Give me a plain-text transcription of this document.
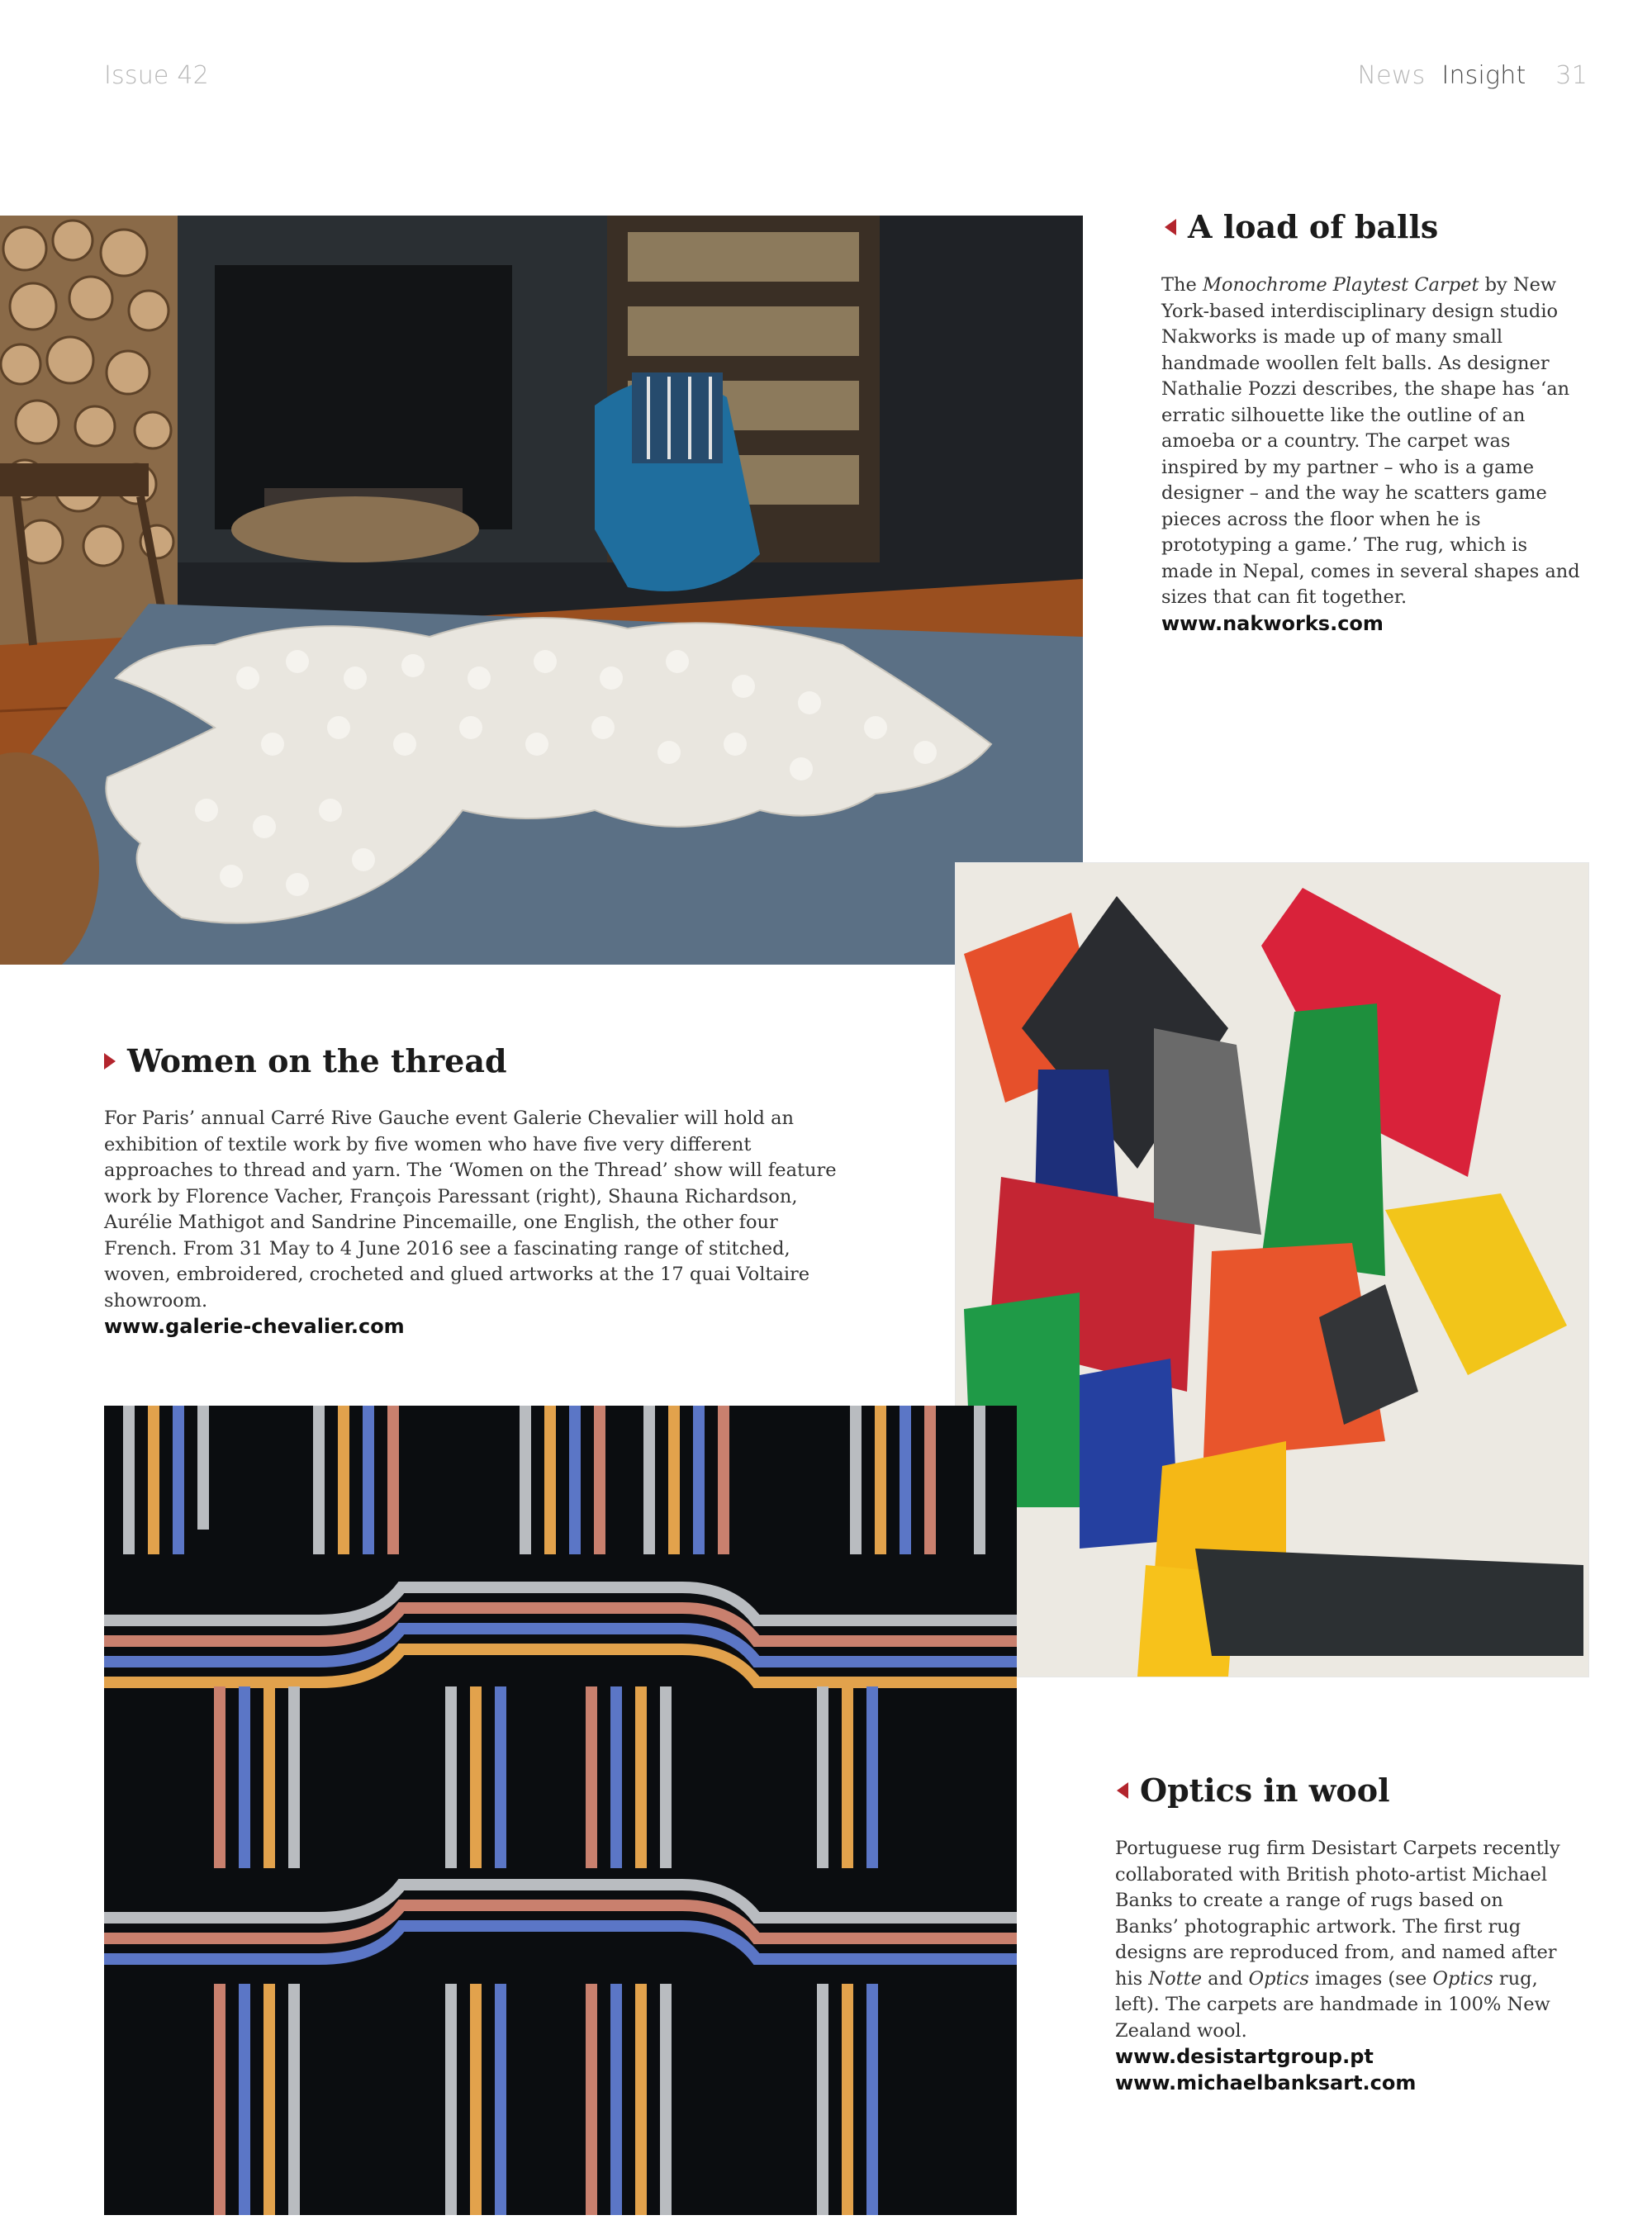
Issue 42	News Insight 31
A load of balls

The Monochrome Playtest Carpet by New York-based interdisciplinary design studio Nakworks is made up of many small handmade woollen felt balls. As designer Nathalie Pozzi describes, the shape has ‘an erratic silhouette like the outline of an amoeba or a country. The carpet was inspired by my partner – who is a game designer – and the way he scatters game pieces across the floor when he is prototyping a game.’ The rug, which is made in Nepal, comes in several shapes and sizes that can fit together.

www.nakworks.com
Women on the thread

For Paris’ annual Carré Rive Gauche event Galerie Chevalier will hold an exhibition of textile work by five women who have five very different approaches to thread and yarn. The ‘Women on the Thread’ show will feature work by Florence Vacher, François Paressant (right), Shauna Richardson, Aurélie Mathigot and Sandrine Pincemaille, one English, the other four French. From 31 May to 4 June 2016 see a fascinating range of stitched, woven, embroidered, crocheted and glued artworks at the 17 quai Voltaire showroom.

www.galerie-chevalier.com
Optics in wool

Portuguese rug firm Desistart Carpets recently collaborated with British photo-artist Michael Banks to create a range of rugs based on Banks’ photographic artwork. The first rug designs are reproduced from, and named after his Notte and Optics images (see Optics rug, left). The carpets are handmade in 100% New Zealand wool.

www.desistartgroup.pt
www.michaelbanksart.com
